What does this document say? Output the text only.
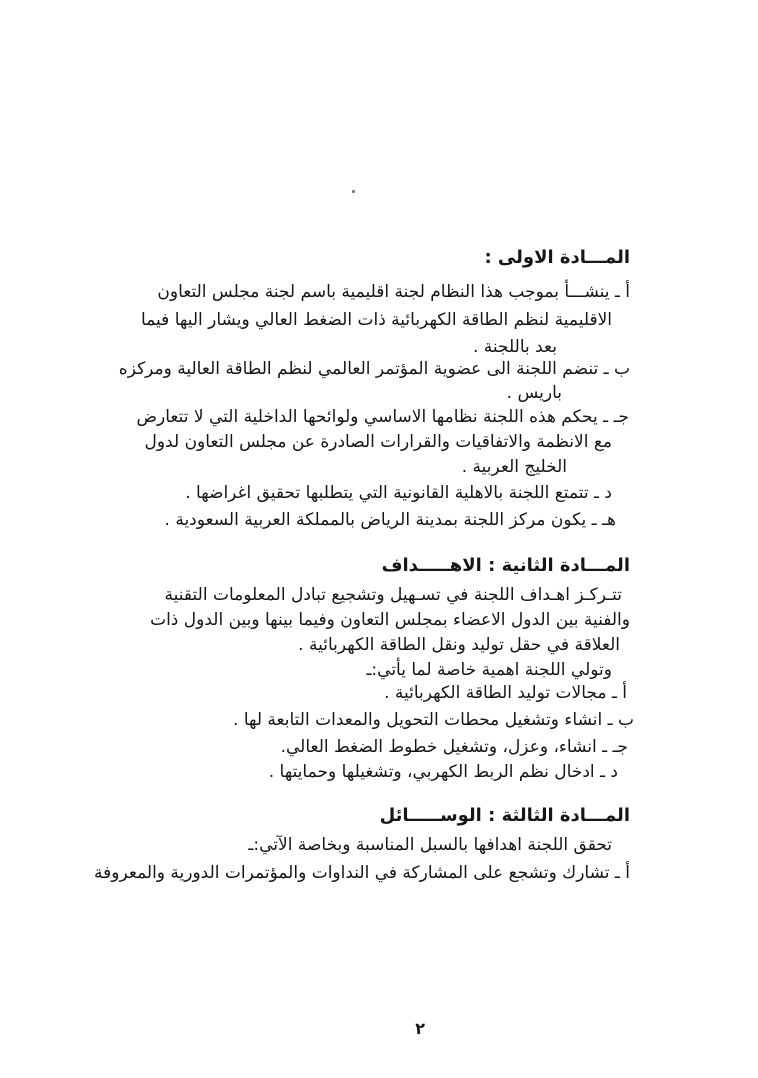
المـــادة الاولى :
أ ـ ينشـــأ بموجب هذا النظام لجنة اقليمية باسم لجنة مجلس التعاون
الاقليمية لنظم الطاقة الكهربائية ذات الضغط العالي ويشار اليها فيما
بعد باللجنة .
ب ـ تنضم اللجنة الى عضوية المؤتمر العالمي لنظم الطاقة العالية ومركزه
باريس .
جـ ـ يحكم هذه اللجنة نظامها الاساسي ولوائحها الداخلية التي لا تتعارض
مع الانظمة والاتفاقيات والقرارات الصادرة عن مجلس التعاون لدول
الخليج العربية .
د ـ تتمتع اللجنة بالاهلية القانونية التي يتطلبها تحقيق اغراضها .
هـ ـ يكون مركز اللجنة بمدينة الرياض بالمملكة العربية السعودية .
المـــادة الثانية : الاهـــــداف
تتـركـز اهـداف اللجنة في تسـهيل وتشجيع تبادل المعلومات التقنية
والفنية بين الدول الاعضاء بمجلس التعاون وفيما بينها وبين الدول ذات
العلاقة في حقل توليد ونقل الطاقة الكهربائية .
وتولي اللجنة اهمية خاصة لما يأتي:ـ
أ ـ مجالات توليد الطاقة الكهربائية .
ب ـ انشاء وتشغيل محطات التحويل والمعدات التابعة لها .
جـ ـ انشاء، وعزل، وتشغيل خطوط الضغط العالي.
د ـ ادخال نظم الربط الكهربي، وتشغيلها وحمايتها .
المـــادة الثالثة : الوســـــائل
تحقق اللجنة اهدافها بالسبل المناسبة وبخاصة الآتي:ـ
أ ـ تشارك وتشجع على المشاركة في النداوات والمؤتمرات الدورية والمعروفة
٢
